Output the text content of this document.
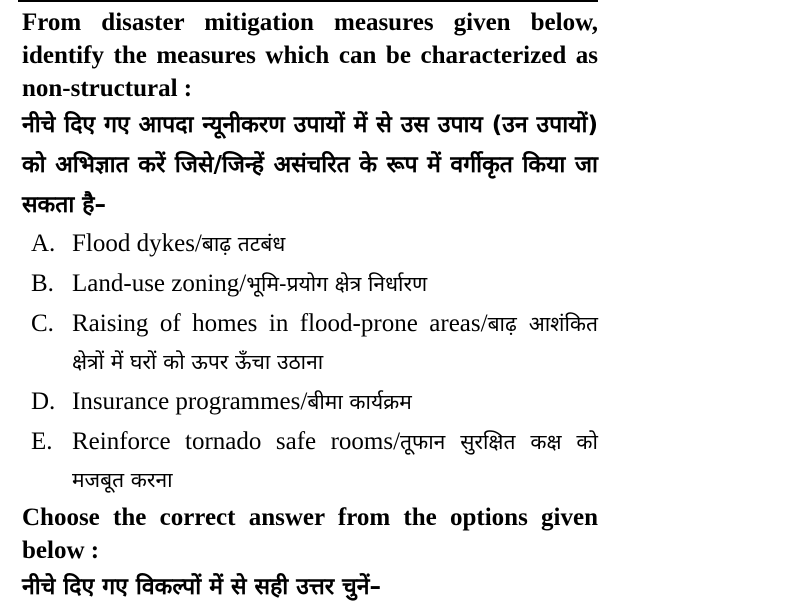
From disaster mitigation measures given below, identify the measures which can be characterized as non-structural :

नीचे दिए गए आपदा न्यूनीकरण उपायों में से उस उपाय (उन उपायों) को अभिज्ञात करें जिसे/जिन्हें असंचरित के रूप में वर्गीकृत किया जा सकता है–

A. Flood dykes/बाढ़ तटबंध
B. Land-use zoning/भूमि-प्रयोग क्षेत्र निर्धारण
C. Raising of homes in flood-prone areas/बाढ़ आशंकित क्षेत्रों में घरों को ऊपर ऊँचा उठाना
D. Insurance programmes/बीमा कार्यक्रम
E. Reinforce tornado safe rooms/तूफान सुरक्षित कक्ष को मजबूत करना

Choose the correct answer from the options given below :

नीचे दिए गए विकल्पों में से सही उत्तर चुनें–
